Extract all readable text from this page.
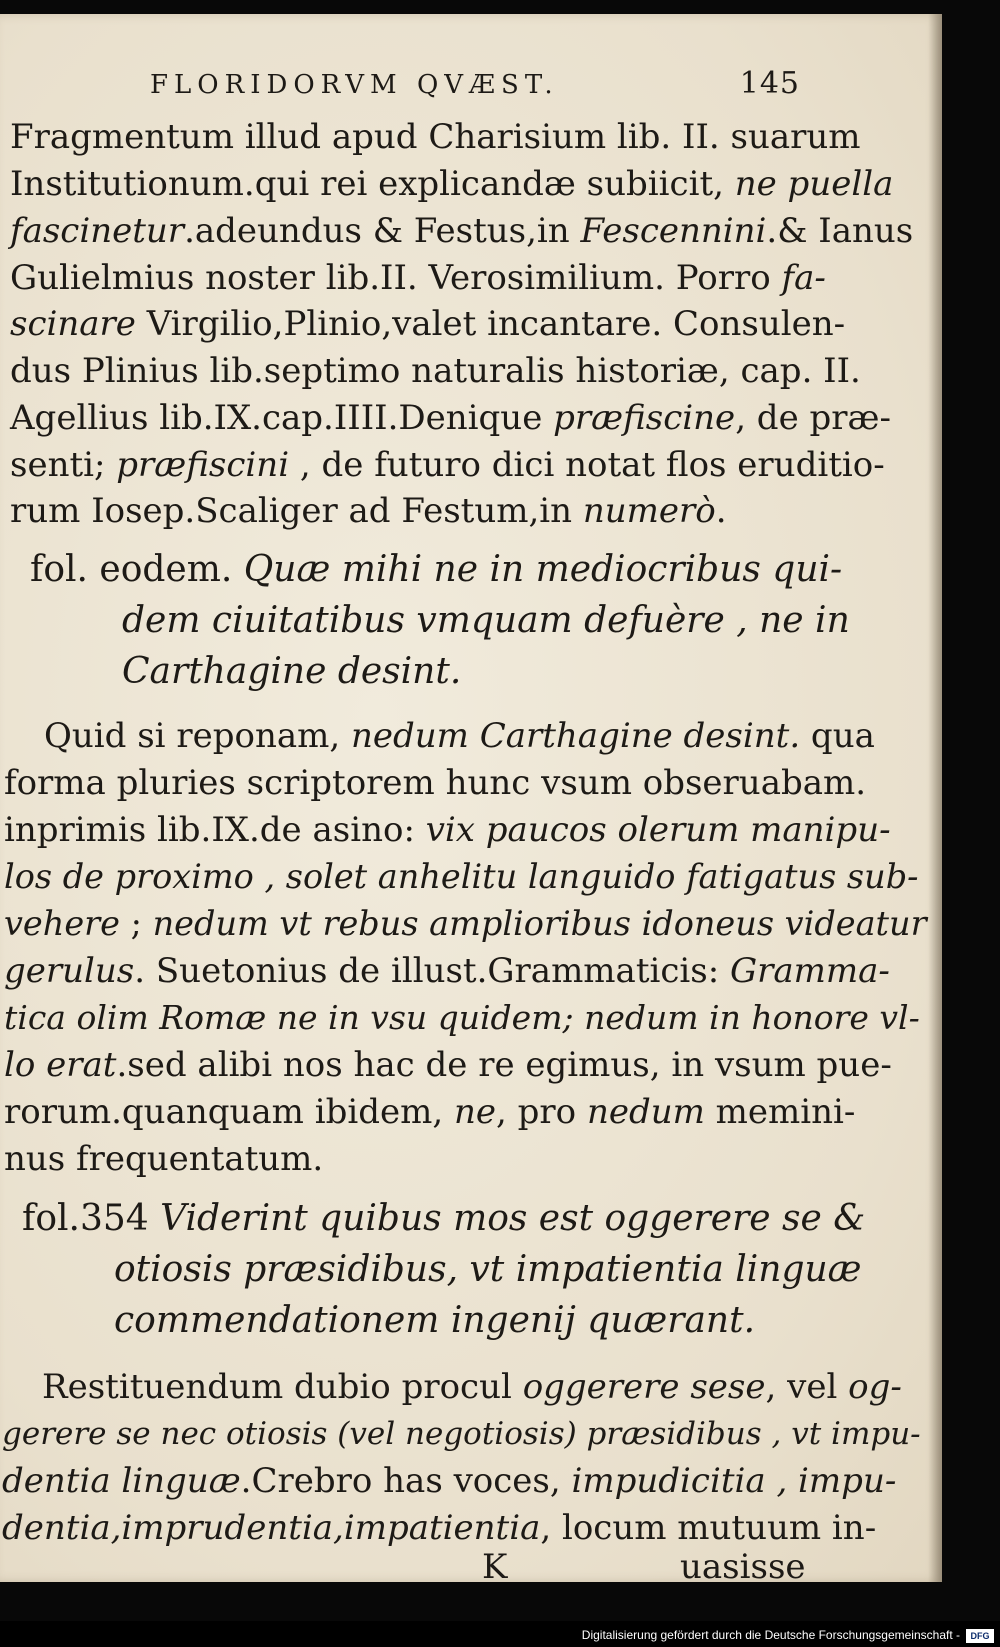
FLORIDORVM QVÆST.	145
Fragmentum illud apud Charisium lib. II. suarum
Institutionum.qui rei explicandæ subiicit, ne puella
fascinetur.adeundus & Festus,in Fescennini.& Ianus
Gulielmius noster lib.II. Verosimilium. Porro fa-
scinare Virgilio,Plinio,valet incantare. Consulen-
dus Plinius lib.septimo naturalis historiæ, cap. II.
Agellius lib.IX.cap.IIII.Denique præfiscine, de præ-
senti; præfiscini , de futuro dici notat flos eruditio-
rum Iosep.Scaliger ad Festum,in numerò.
fol. eodem. Quæ mihi ne in mediocribus qui-
dem ciuitatibus vmquam defuère , ne in
Carthagine desint.
Quid si reponam, nedum Carthagine desint. qua
forma pluries scriptorem hunc vsum obseruabam.
inprimis lib.IX.de asino: vix paucos olerum manipu-
los de proximo , solet anhelitu languido fatigatus sub-
vehere ; nedum vt rebus amplioribus idoneus videatur
gerulus. Suetonius de illust.Grammaticis: Gramma-
tica olim Romæ ne in vsu quidem; nedum in honore vl-
lo erat.sed alibi nos hac de re egimus, in vsum pue-
rorum.quanquam ibidem, ne, pro nedum memini-
nus frequentatum.
fol.354 Viderint quibus mos est oggerere se &
otiosis præsidibus, vt impatientia linguæ
commendationem ingenij quærant.
Restituendum dubio procul oggerere sese, vel og-
gerere se nec otiosis (vel negotiosis) præsidibus , vt impu-
dentia linguæ.Crebro has voces, impudicitia , impu-
dentia,imprudentia,impatientia, locum mutuum in-
K	uasisse
Digitalisierung gefördert durch die Deutsche Forschungsgemeinschaft -	DFG
